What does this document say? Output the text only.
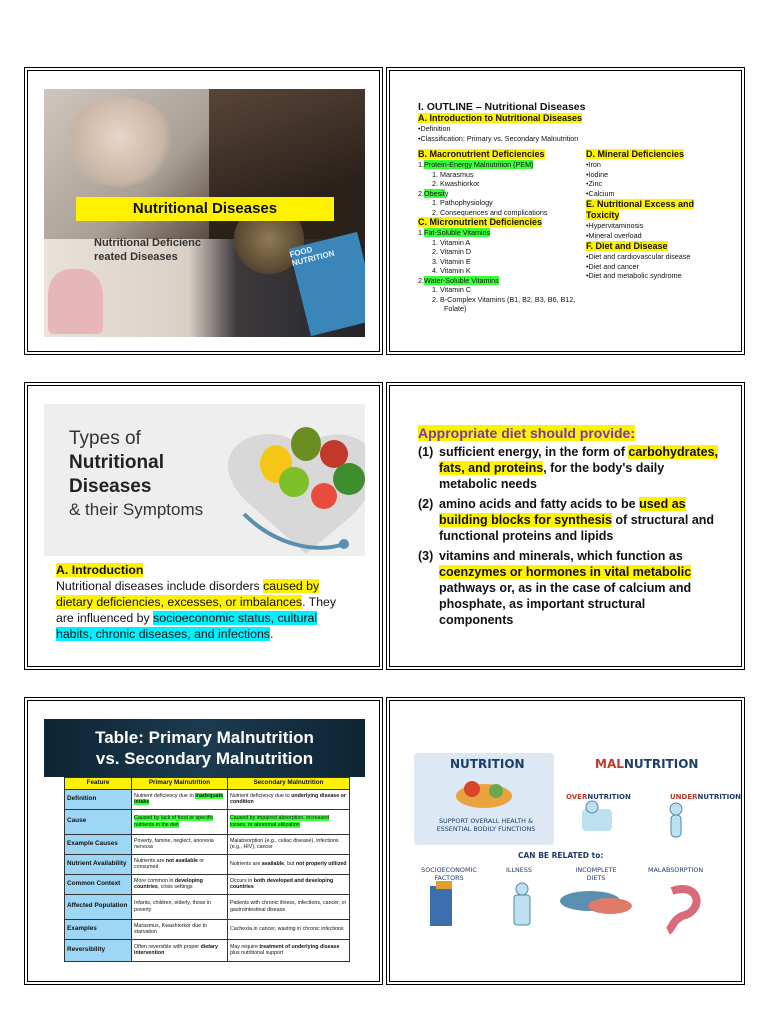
Nutritional Diseases
Nutritional Deficienc
reated Diseases	FOOD NUTRITION
I. OUTLINE – Nutritional Diseases
A. Introduction to Nutritional Diseases
•Definition
•Classification: Primary vs. Secondary Malnutrition
B. Macronutrient Deficiencies
1.Protein-Energy Malnutrition (PEM)
1. Marasmus
2. Kwashiorkor
2.Obesity
1. Pathophysiology
2. Consequences and complications
C. Micronutrient Deficiencies
1.Fat-Soluble Vitamins
1. Vitamin A
2. Vitamin D
3. Vitamin E
4. Vitamin K
2.Water-Soluble Vitamins
1. Vitamin C
2. B-Complex Vitamins (B1, B2, B3, B6, B12,
Folate)
D. Mineral Deficiencies
•Iron
•Iodine
•Zinc
•Calcium
E. Nutritional Excess and Toxicity
•Hypervitaminosis
•Mineral overload
F. Diet and Disease
•Diet and cardiovascular disease
•Diet and cancer
•Diet and metabolic syndrome
Types of
Nutritional
Diseases
& their Symptoms
A. Introduction
Nutritional diseases include disorders caused by dietary deficiencies, excesses, or imbalances. They are influenced by socioeconomic status, cultural habits, chronic diseases, and infections.
Appropriate diet should provide:
(1) sufficient energy, in the form of carbohydrates, fats, and proteins, for the body's daily metabolic needs
(2) amino acids and fatty acids to be used as building blocks for synthesis of structural and functional proteins and lipids
(3) vitamins and minerals, which function as coenzymes or hormones in vital metabolic pathways or, as in the case of calcium and phosphate, as important structural components
Table: Primary Malnutrition
vs. Secondary Malnutrition
Feature	Primary Malnutrition	Secondary Malnutrition
Definition	Nutrient deficiency due to inadequate intake	Nutrient deficiency due to underlying disease or condition
Cause	Caused by lack of food or specific nutrients in the diet	Caused by impaired absorption, increased losses, or abnormal utilization
Example Causes	Poverty, famine, neglect, anorexia nervosa	Malabsorption (e.g., celiac disease), infections (e.g., HIV), cancer
Nutrient Availability	Nutrients are not available or consumed	Nutrients are available, but not properly utilized
Common Context	More common in developing countries, crisis settings	Occurs in both developed and developing countries
Affected Population	Infants, children, elderly, those in poverty	Patients with chronic illness, infections, cancer, or gastrointestinal disease
Examples	Marasmus, Kwashiorkor due to starvation	Cachexia in cancer, wasting in chronic infections
Reversibility	Often reversible with proper dietary intervention	May require treatment of underlying disease plus nutritional support
NUTRITION
SUPPORT OVERALL HEALTH & ESSENTIAL BODILY FUNCTIONS
MALNUTRITION
OVERNUTRITION	UNDERNUTRITION
CAN BE RELATED to:
SOCIOECONOMIC FACTORS
ILLNESS	INCOMPLETE DIETS
MALABSORPTION
